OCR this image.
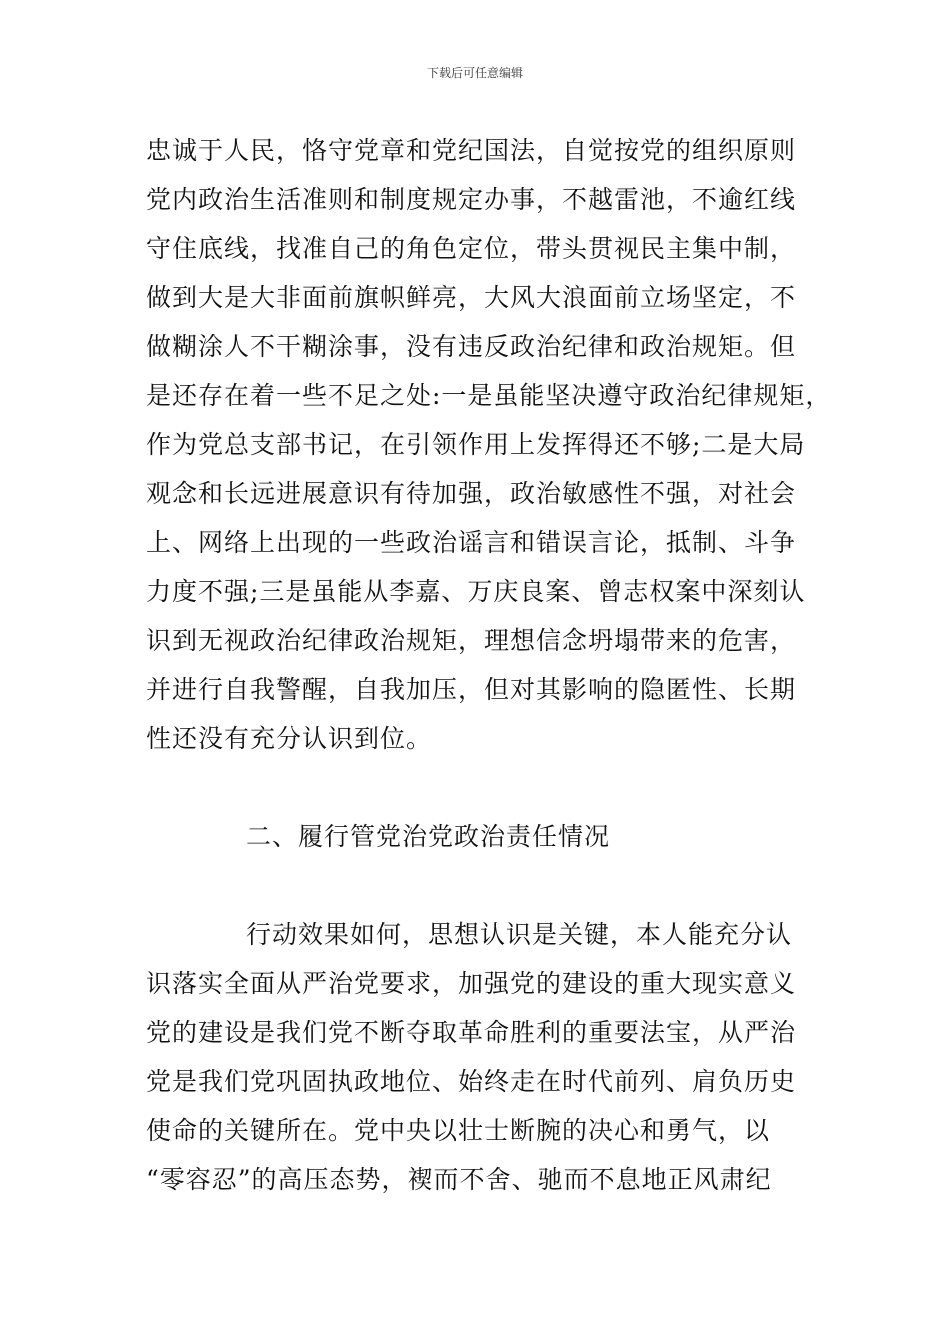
下载后可任意编辑
忠诚于人民，恪守党章和党纪国法，自觉按党的组织原则
党内政治生活准则和制度规定办事，不越雷池，不逾红线
守住底线，找准自己的角色定位，带头贯视民主集中制，
做到大是大非面前旗帜鲜亮，大风大浪面前立场坚定，不
做糊涂人不干糊涂事，没有违反政治纪律和政治规矩。但
是还存在着一些不足之处:一是虽能坚决遵守政治纪律规矩，
作为党总支部书记，在引领作用上发挥得还不够;二是大局
观念和长远进展意识有待加强，政治敏感性不强，对社会
上、网络上出现的一些政治谣言和错误言论，抵制、斗争
力度不强;三是虽能从李嘉、万庆良案、曾志权案中深刻认
识到无视政治纪律政治规矩，理想信念坍塌带来的危害，
并进行自我警醒，自我加压，但对其影响的隐匿性、长期
性还没有充分认识到位。
二、履行管党治党政治责任情况
行动效果如何，思想认识是关键，本人能充分认
识落实全面从严治党要求，加强党的建设的重大现实意义
党的建设是我们党不断夺取革命胜利的重要法宝，从严治
党是我们党巩固执政地位、始终走在时代前列、肩负历史
使命的关键所在。党中央以壮士断腕的决心和勇气，以
“零容忍”的高压态势，褉而不舍、驰而不息地正风肃纪
